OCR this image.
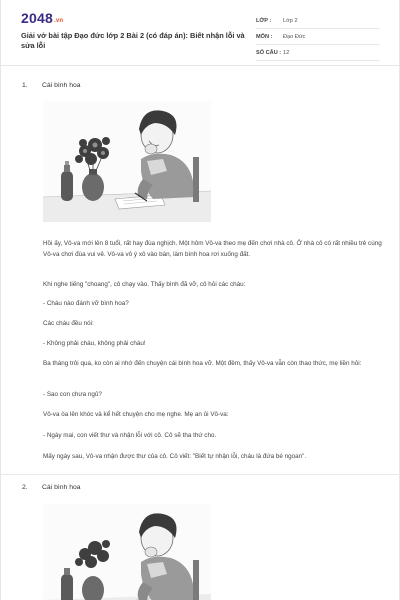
2048.vn
Giải vở bài tập Đạo đức lớp 2 Bài 2 (có đáp án): Biết nhận lỗi và sửa lỗi
LỚP :	Lớp 2
MÔN :	Đạo Đức
SỐ CÂU : 12
1.	Cái bình hoa

Hồi ấy, Vô-va mới lên 8 tuổi, rất hay đùa nghịch. Một hôm Vô-va theo mẹ đến chơi nhà cô. Ở nhà cô có rất nhiều trẻ cùng Vô-va chơi đùa vui vẻ. Vô-va vô ý xô vào bàn, làm bình hoa rơi xuống đất.

Khi nghe tiếng "choang", cô chạy vào. Thấy bình đã vỡ, cô hỏi các cháu:

- Cháu nào đánh vỡ bình hoa?

Các cháu đều nói:

- Không phải cháu, không phải cháu!

Ba tháng trôi qua, ko còn ai nhớ đến chuyện cái bình hoa vỡ. Một đêm, thấy Vô-va vẫn còn thao thức, mẹ liền hỏi:

- Sao con chưa ngủ?

Vô-va òa lên khóc và kể hết chuyện cho mẹ nghe. Mẹ an ủi Vô-va:

- Ngày mai, con viết thư và nhận lỗi với cô. Cô sẽ tha thứ cho.

Mấy ngày sau, Vô-va nhận được thư của cô. Cô viết: "Biết tự nhận lỗi, cháu là đứa bé ngoan".

2.	Cái bình hoa
